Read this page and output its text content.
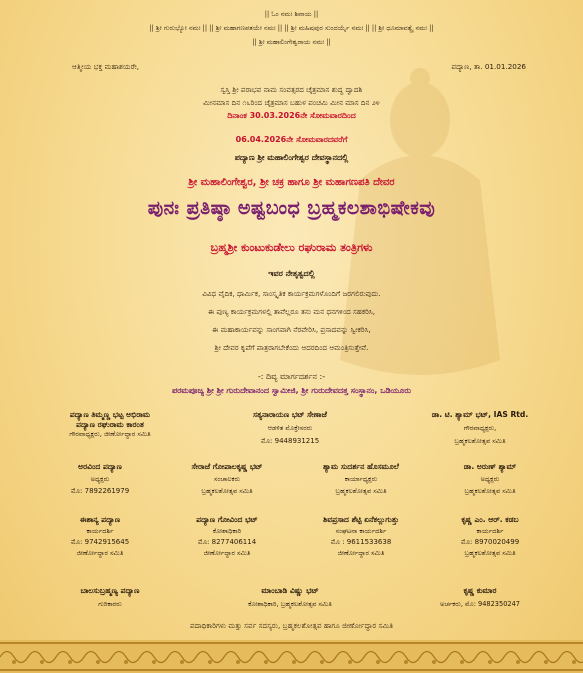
|| ಓಂ ನಮಃ ಶಿವಾಯ ||
|| ಶ್ರೀ ಗುರುಭ್ಯೋ ನಮಃ || || ಶ್ರೀ ಮಹಾಗಣಪತಯೇ ನಮಃ || || ಶ್ರೀ ಮಹಿಷಪುರ ಸುಂದರ್ಯೈ ನಮಃ || || ಶ್ರೀ ಧೂಮಾವತ್ಯೈ ನಮಃ ||
|| ಶ್ರೀ ಮಹಾಲಿಂಗೇಶ್ವರಾಯ ನಮಃ ||
ಆತ್ಮೀಯ ಭಕ್ತ ಮಹಾಶಯರೇ,	ಪದ್ಯಾಣ, ತಾ. 01.01.2026
ಸ್ವಸ್ತಿ ಶ್ರೀ ಪರಾಭವ ನಾಮ ಸಂವತ್ಸರದ ಚೈತ್ರಮಾಸ ಶುದ್ಧ ದ್ವಾದಶಿ
ಮೀನಮಾಸ ದಿನ ೧೬ರಿಂದ ಚೈತ್ರಮಾಸ ಬಹುಳ ಪಂಚಮಿ ಮೀನ ಮಾಸ ದಿನ ೨೪
ದಿನಾಂಕ 30.03.2026ನೇ ಸೋಮವಾರದಿಂದ
06.04.2026ನೇ ಸೋಮವಾರದವರೆಗೆ
ಪದ್ಯಾಣ ಶ್ರೀ ಮಹಾಲಿಂಗೇಶ್ವರ ದೇವಸ್ಥಾನದಲ್ಲಿ
ಶ್ರೀ ಮಹಾಲಿಂಗೇಶ್ವರ, ಶ್ರೀ ಚಕ್ರ ಹಾಗೂ ಶ್ರೀ ಮಹಾಗಣಪತಿ ದೇವರ
ಪುನಃ ಪ್ರತಿಷ್ಠಾ ಅಷ್ಟಬಂಧ ಬ್ರಹ್ಮಕಲಶಾಭಿಷೇಕವು
ಬ್ರಹ್ಮಶ್ರೀ ಕುಂಟುಕುಡೇಲು ರಘುರಾಮ ತಂತ್ರಿಗಳು
ಇವರ ನೇತೃತ್ವದಲ್ಲಿ
ವಿವಿಧ ವೈದಿಕ, ಧಾರ್ಮಿಕ, ಸಾಂಸ್ಕೃತಿಕ ಕಾರ್ಯಕ್ರಮಗಳೊಂದಿಗೆ ಜರಗಲಿರುವುದು.
ಈ ಪುಣ್ಯ ಕಾರ್ಯಕ್ರಮಗಳಲ್ಲಿ ತಾವೆಲ್ಲರೂ ತನು ಮನ ಧನಗಳಿಂದ ಸಹಕರಿಸಿ,
ಈ ಮಹಾಕಾರ್ಯವನ್ನು ಸಾಂಗವಾಗಿ ನೆರವೇರಿಸಿ, ಪ್ರಸಾದವನ್ನು ಸ್ವೀಕರಿಸಿ,
ಶ್ರೀ ದೇವರ ಕೃಪೆಗೆ ಪಾತ್ರರಾಗಬೇಕೆಂದು ಆದರದಿಂದ ಆಮಂತ್ರಿಸುತ್ತೇವೆ.
-: ದಿವ್ಯ ಮಾರ್ಗದರ್ಶನ :-
ಪರಮಪೂಜ್ಯ ಶ್ರೀ ಶ್ರೀ ಗುರುದೇವಾನಂದ ಸ್ವಾಮೀಜಿ, ಶ್ರೀ ಗುರುದೇವದತ್ತ ಸಂಸ್ಥಾನಂ, ಒಡಿಯೂರು
ಪದ್ಯಾಣ ತಿಮ್ಮಣ್ಣ ಭಟ್ಟ ಅಭಿರಾಮ
ಪದ್ಯಾಣ ರಘುರಾಮ ಕಾರಂತ
ಗೌರವಾಧ್ಯಕ್ಷರು, ಜೀರ್ಣೋದ್ಧಾರ ಸಮಿತಿ
ಸತ್ಯನಾರಾಯಣ ಭಟ್ ಸೇಣಾಜೆ
ಆಡಳಿತ ಮೊಕ್ತೇಸರರು
ಮೊ: 9448931215
ಡಾ. ಟಿ. ಶ್ಯಾಮ್ ಭಟ್, IAS Rtd.
ಗೌರವಾಧ್ಯಕ್ಷರು,
ಬ್ರಹ್ಮಕಲಶೋತ್ಸವ ಸಮಿತಿ
ಅರವಿಂದ ಪದ್ಯಾಣ
ಅಧ್ಯಕ್ಷರು
ಮೊ: 7892261979
ಸೇರಾಜೆ ಗೋಪಾಲಕೃಷ್ಣ ಭಟ್
ಸಂಚಾಲಕರು
ಬ್ರಹ್ಮಕಲಶೋತ್ಸವ ಸಮಿತಿ
ಶ್ಯಾಮ ಸುದರ್ಶನ ಹೊಸಮೂಲೆ
ಕಾರ್ಯಾಧ್ಯಕ್ಷರು
ಬ್ರಹ್ಮಕಲಶೋತ್ಸವ ಸಮಿತಿ
ಡಾ. ಅರುಣ್ ಶ್ಯಾಮ್
ಅಧ್ಯಕ್ಷರು
ಬ್ರಹ್ಮಕಲಶೋತ್ಸವ ಸಮಿತಿ
ಈಶಾನ್ಯ ಪದ್ಯಾಣ
ಕಾರ್ಯದರ್ಶಿ
ಮೊ: 9742915645
ಜೀರ್ಣೋದ್ಧಾರ ಸಮಿತಿ
ಪದ್ಯಾಣ ಗೋವಿಂದ ಭಟ್
ಕೋಶಾಧಿಕಾರಿ
ಮೊ: 8277406114
ಜೀರ್ಣೋದ್ಧಾರ ಸಮಿತಿ
ಶಿವಪ್ರಸಾದ ಶೆಟ್ಟಿ ಏನೆಕಲ್ಲುಗುತ್ತು
ಸಂಘಟನಾ ಕಾರ್ಯದರ್ಶಿ
ಮೊ : 9611533638
ಜೀರ್ಣೋದ್ಧಾರ ಸಮಿತಿ
ಕೃಷ್ಣ ಎಂ. ಆರ್. ಕಡಬ
ಕಾರ್ಯದರ್ಶಿ
ಮೊ: 8970020499
ಬ್ರಹ್ಮಕಲಶೋತ್ಸವ ಸಮಿತಿ
ಬಾಲಸುಬ್ರಹ್ಮಣ್ಯ ಪದ್ಯಾಣ
ಗುರಿಕಾರರು
ಮಾಂಬಾಡಿ ವಿಷ್ಣು ಭಟ್
ಕೋಶಾಧಿಕಾರಿ, ಬ್ರಹ್ಮಕಲಶೋತ್ಸವ ಸಮಿತಿ
ಕೃಷ್ಣ ಕುಮಾರ
ಅರ್ಚಕರು, ಮೊ: 9482350247
ಪದಾಧಿಕಾರಿಗಳು ಮತ್ತು ಸರ್ವ ಸದಸ್ಯರು, ಬ್ರಹ್ಮಕಲಶೋತ್ಸವ ಹಾಗೂ ಜೀರ್ಣೋದ್ಧಾರ ಸಮಿತಿ
